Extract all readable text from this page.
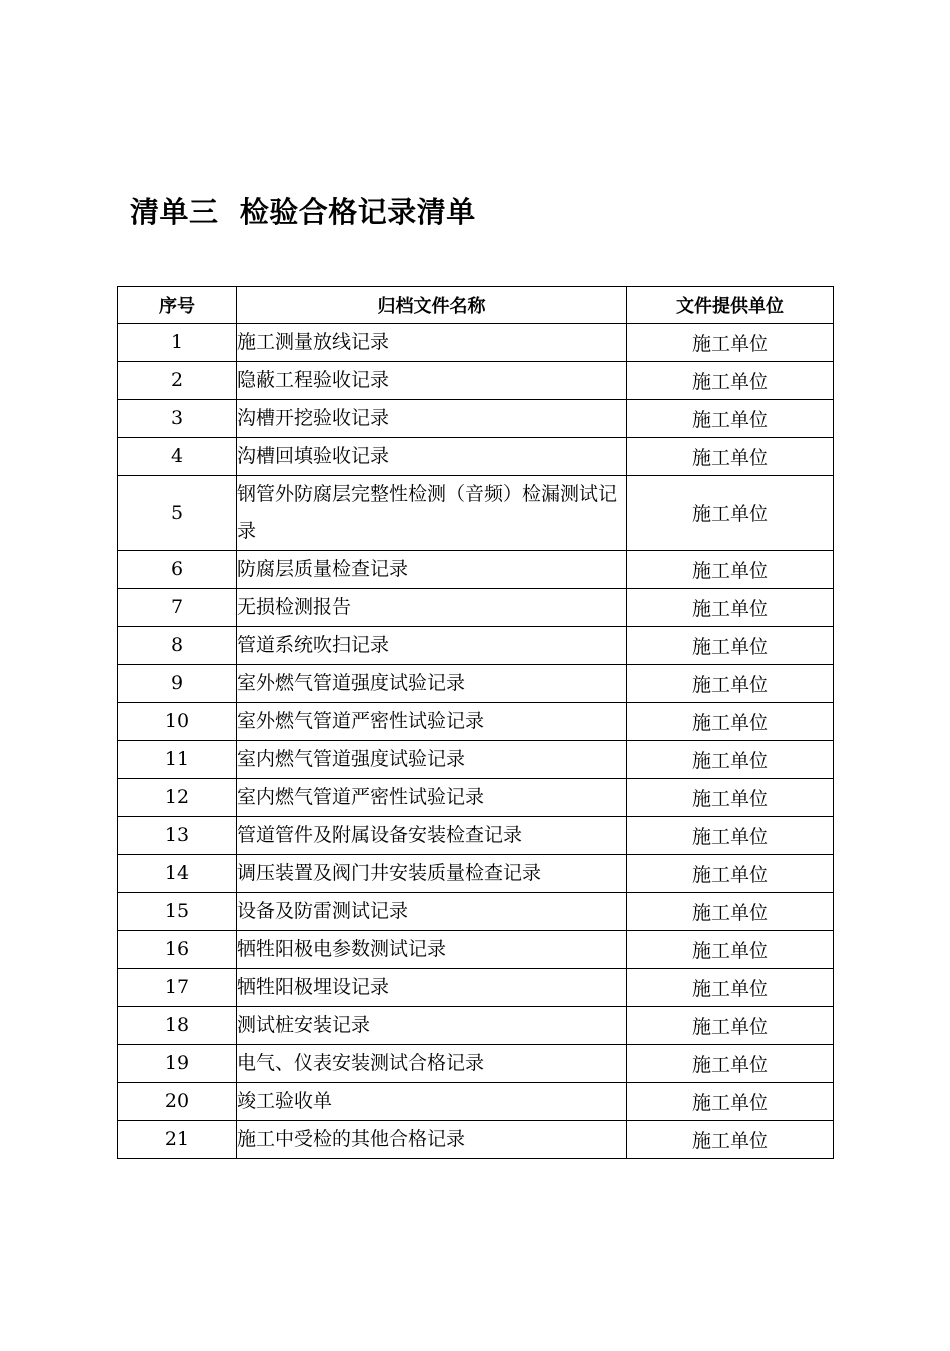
清单三  检验合格记录清单
序号	归档文件名称	文件提供单位
1	施工测量放线记录	施工单位
2	隐蔽工程验收记录	施工单位
3	沟槽开挖验收记录	施工单位
4	沟槽回填验收记录	施工单位
5	钢管外防腐层完整性检测（音频）检漏测试记录	施工单位
6	防腐层质量检查记录	施工单位
7	无损检测报告	施工单位
8	管道系统吹扫记录	施工单位
9	室外燃气管道强度试验记录	施工单位
10	室外燃气管道严密性试验记录	施工单位
11	室内燃气管道强度试验记录	施工单位
12	室内燃气管道严密性试验记录	施工单位
13	管道管件及附属设备安装检查记录	施工单位
14	调压装置及阀门井安装质量检查记录	施工单位
15	设备及防雷测试记录	施工单位
16	牺牲阳极电参数测试记录	施工单位
17	牺牲阳极埋设记录	施工单位
18	测试桩安装记录	施工单位
19	电气、仪表安装测试合格记录	施工单位
20	竣工验收单	施工单位
21	施工中受检的其他合格记录	施工单位
